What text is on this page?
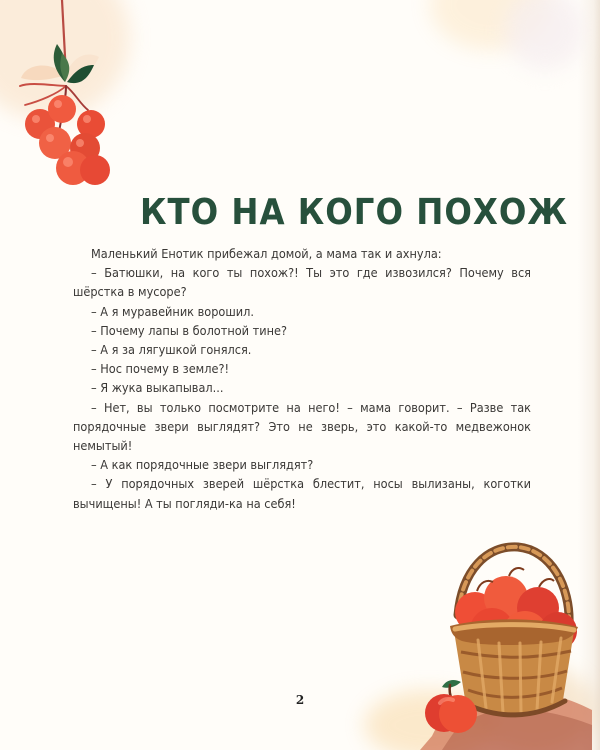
КТО НА КОГО ПОХОЖ

Маленький Енотик прибежал домой, а мама так и ахнула:

– Батюшки, на кого ты похож?! Ты это где извозился? Почему вся шёрстка в мусоре?

– А я муравейник ворошил.

– Почему лапы в болотной тине?

– А я за лягушкой гонялся.

– Нос почему в земле?!

– Я жука выкапывал...

– Нет, вы только посмотрите на него! – мама говорит. – Разве так порядочные звери выглядят? Это не зверь, это какой-то медвежонок немытый!

– А как порядочные звери выглядят?

– У порядочных зверей шёрстка блестит, носы вылизаны, коготки вычищены! А ты погляди-ка на себя!

2
